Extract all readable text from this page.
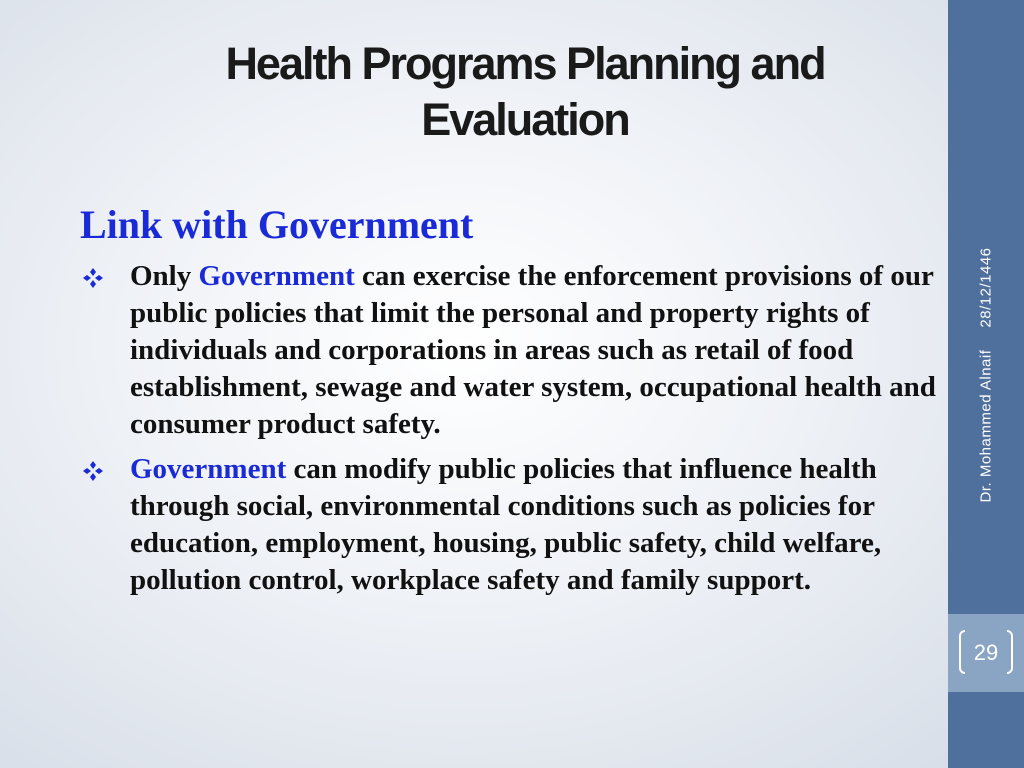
Health Programs Planning and
Evaluation
Link with Government
Only Government can exercise the enforcement provisions of our public policies that limit the personal and property rights of individuals and corporations in areas such as retail of food establishment, sewage and water system, occupational health and consumer product safety.
Government can modify public policies that influence health through social, environmental conditions such as policies for education, employment, housing, public safety, child welfare, pollution control, workplace safety and family support.
Dr. Mohammed Alnaif28/12/1446
29
